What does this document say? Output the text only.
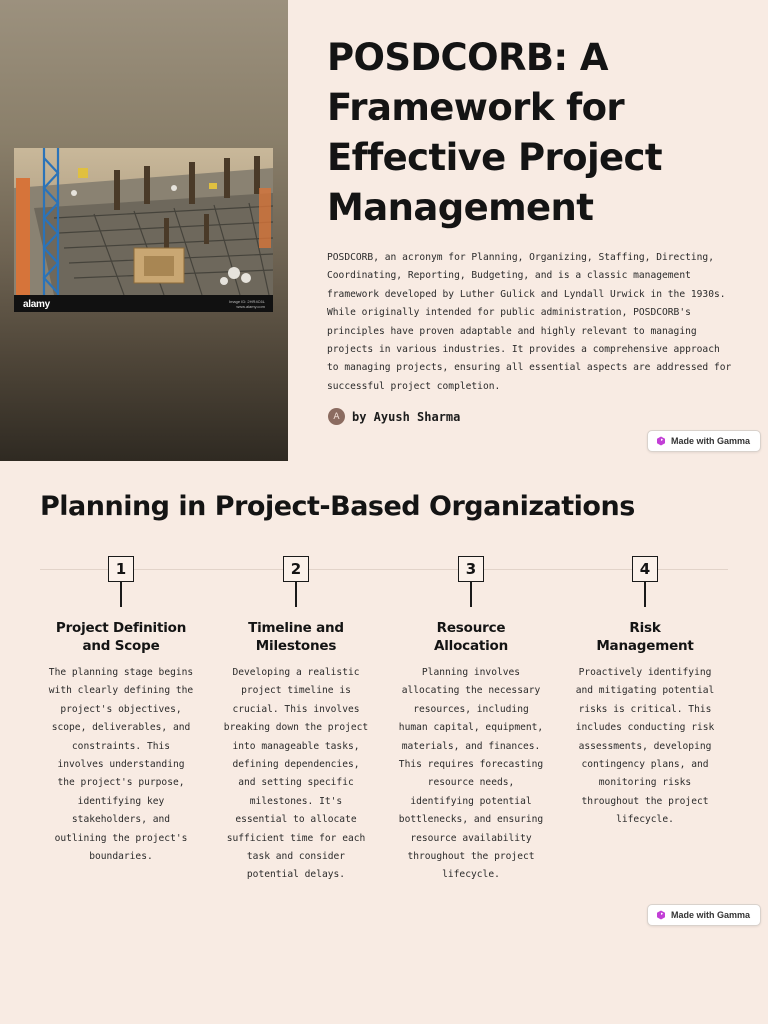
alamy	Image ID: 2HR4C6L
www.alamy.com
POSDCORB: A Framework for Effective Project Management

POSDCORB, an acronym for Planning, Organizing, Staffing, Directing, Coordinating, Reporting, Budgeting, and is a classic management framework developed by Luther Gulick and Lyndall Urwick in the 1930s. While originally intended for public administration, POSDCORB's principles have proven adaptable and highly relevant to managing projects in various industries. It provides a comprehensive approach to managing projects, ensuring all essential aspects are addressed for successful project completion.

A	by Ayush Sharma
Made with Gamma
Planning in Project-Based Organizations
1
Project Definition
and Scope

The planning stage begins with clearly defining the project's objectives, scope, deliverables, and constraints. This involves understanding the project's purpose, identifying key stakeholders, and outlining the project's boundaries.

2
Timeline and
Milestones

Developing a realistic project timeline is crucial. This involves breaking down the project into manageable tasks, defining dependencies, and setting specific milestones. It's essential to allocate sufficient time for each task and consider potential delays.

3
Resource
Allocation

Planning involves allocating the necessary resources, including human capital, equipment, materials, and finances. This requires forecasting resource needs, identifying potential bottlenecks, and ensuring resource availability throughout the project lifecycle.

4
Risk
Management

Proactively identifying and mitigating potential risks is critical. This includes conducting risk assessments, developing contingency plans, and monitoring risks throughout the project lifecycle.

Made with Gamma
